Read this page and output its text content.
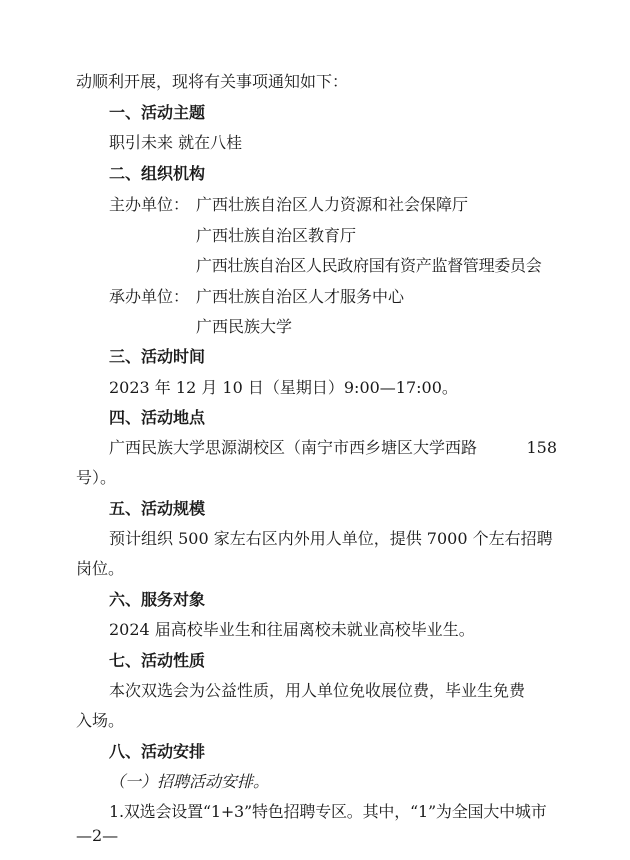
动顺利开展，现将有关事项通知如下：
一、活动主题
职引未来 就在八桂
二、组织机构
主办单位： 广西壮族自治区人力资源和社会保障厅
广西壮族自治区教育厅
广西壮族自治区人民政府国有资产监督管理委员会
承办单位： 广西壮族自治区人才服务中心
广西民族大学
三、活动时间
2023 年 12 月 10 日（星期日）9:00—17:00。
四、活动地点
广西民族大学思源湖校区（南宁市西乡塘区大学西路	158
号）。
五、活动规模
预计组织 500 家左右区内外用人单位，提供 7000 个左右招聘
岗位。
六、服务对象
2024 届高校毕业生和往届离校未就业高校毕业生。
七、活动性质
本次双选会为公益性质，用人单位免收展位费，毕业生免费
入场。
八、活动安排
（一）招聘活动安排。
1.双选会设置“1+3”特色招聘专区。其中，“1”为全国大中城市
—2—
